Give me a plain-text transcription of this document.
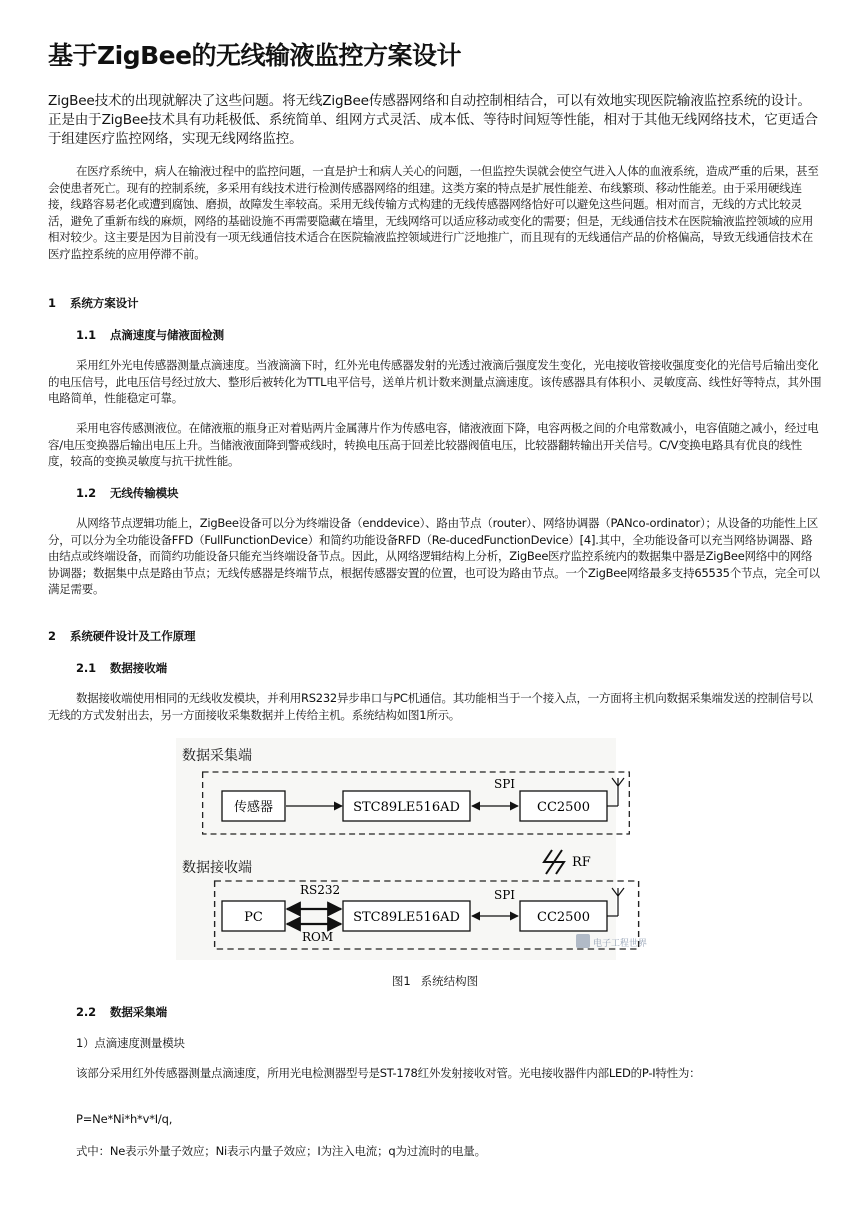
基于ZigBee的无线输液监控方案设计

ZigBee技术的出现就解决了这些问题。将无线ZigBee传感器网络和自动控制相结合，可以有效地实现医院输液监控系统的设计。正是由于ZigBee技术具有功耗极低、系统简单、组网方式灵活、成本低、等待时间短等性能，相对于其他无线网络技术，它更适合于组建医疗监控网络，实现无线网络监控。

在医疗系统中，病人在输液过程中的监控问题，一直是护士和病人关心的问题，一但监控失误就会使空气进入人体的血液系统，造成严重的后果，甚至会使患者死亡。现有的控制系统，多采用有线技术进行检测传感器网络的组建。这类方案的特点是扩展性能差、布线繁琐、移动性能差。由于采用硬线连接，线路容易老化或遭到腐蚀、磨损，故障发生率较高。采用无线传输方式构建的无线传感器网络恰好可以避免这些问题。相对而言，无线的方式比较灵活，避免了重新布线的麻烦，网络的基础设施不再需要隐藏在墙里，无线网络可以适应移动或变化的需要；但是，无线通信技术在医院输液监控领域的应用相对较少。这主要是因为目前没有一项无线通信技术适合在医院输液监控领域进行广泛地推广，而且现有的无线通信产品的价格偏高，导致无线通信技术在医疗监控系统的应用停滞不前。

1 系统方案设计
1.1 点滴速度与储液面检测

采用红外光电传感器测量点滴速度。当液滴滴下时，红外光电传感器发射的光透过液滴后强度发生变化，光电接收管接收强度变化的光信号后输出变化的电压信号，此电压信号经过放大、整形后被转化为TTL电平信号，送单片机计数来测量点滴速度。该传感器具有体积小、灵敏度高、线性好等特点，其外围电路简单，性能稳定可靠。

采用电容传感测液位。在储液瓶的瓶身正对着贴两片金属薄片作为传感电容，储液液面下降，电容两极之间的介电常数减小，电容值随之减小，经过电容/电压变换器后输出电压上升。当储液液面降到警戒线时，转换电压高于回差比较器阀值电压，比较器翻转输出开关信号。C/V变换电路具有优良的线性度，较高的变换灵敏度与抗干扰性能。

1.2 无线传输模块

从网络节点逻辑功能上，ZigBee设备可以分为终端设备（enddevice）、路由节点（router）、网络协调器（PANco-ordinator）；从设备的功能性上区分，可以分为全功能设备FFD（FullFunctionDevice）和简约功能设备RFD（Re-ducedFunctionDevice）[4].其中，全功能设备可以充当网络协调器、路由结点或终端设备，而简约功能设备只能充当终端设备节点。因此，从网络逻辑结构上分析，ZigBee医疗监控系统内的数据集中器是ZigBee网络中的网络协调器；数据集中点是路由节点；无线传感器是终端节点，根据传感器安置的位置，也可设为路由节点。一个ZigBee网络最多支持65535个节点，完全可以满足需要。

2 系统硬件设计及工作原理
2.1 数据接收端

数据接收端使用相同的无线收发模块，并利用RS232异步串口与PC机通信。其功能相当于一个接入点，一方面将主机向数据采集端发送的控制信号以无线的方式发射出去，另一方面接收采集数据并上传给主机。系统结构如图1所示。

图1 系统结构图

2.2 数据采集端
1）点滴速度测量模块

该部分采用红外传感器测量点滴速度，所用光电检测器型号是ST-178红外发射接收对管。光电接收器件内部LED的P-I特性为：

P=Ne*Ni*h*v*I/q,
式中：Ne表示外量子效应；Ni表示内量子效应；I为注入电流；q为过流时的电量。
数据采集端
传感器	STC89LE516AD
SPI
CC2500
RF
数据接收端
PC
RS232
ROM
STC89LE516AD
SPI
CC2500
电子工程世界
